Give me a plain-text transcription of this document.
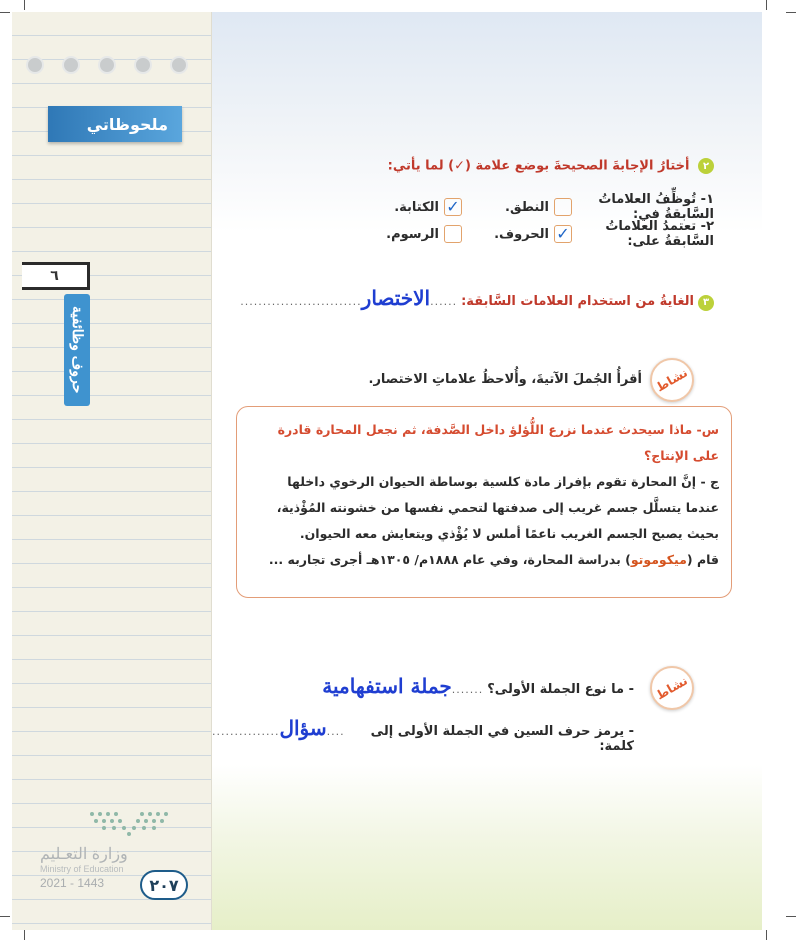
ملحوظاتي
٦
حروف وظائفية
وزارة التعـليم
Ministry of Education
2021 - 1443	٢٠٧
٢ أختارُ الإجابةَ الصحيحةَ بوضع علامة (✓) لما يأتي:
١- تُوظِّفُ العلاماتُ السَّابقةُ في:
النطق.
✓
الكتابة.
٢- تعتمدُ العلاماتُ السَّابقةُ على:
✓
الحروف.
الرسوم.
٣
الغايةُ من استخدام العلامات السَّابقة:
......
الاختصار
...........................
نشاط
أقرأُ الجُملَ الآتيةَ، وأُلاحظُ علاماتِ الاختصار.

س- ماذا سيحدث عندما نزرع اللُّؤلؤ داخل الصَّدفة، ثم نجعل المحارة قادرة على الإنتاج؟

ج - إنَّ المحارة تقوم بإفراز مادة كلسية بوساطة الحيوان الرخوي داخلها

عندما يتسلَّل جسم غريب إلى صدفتها لتحمي نفسها من خشونته المُؤْذية،

بحيث يصبح الجسم الغريب ناعمًا أملس لا يُؤْذي ويتعايش معه الحيوان.

قام (ميكوموتو) بدراسة المحارة، وفي عام ١٨٨٨م/ ١٣٠٥هـ أجرى تجاربه ...

نشاط
- ما نوع الجملة الأولى؟
.......
جملة استفهامية
- يرمز حرف السين في الجملة الأولى إلى كلمة:
....
سؤال
...............
